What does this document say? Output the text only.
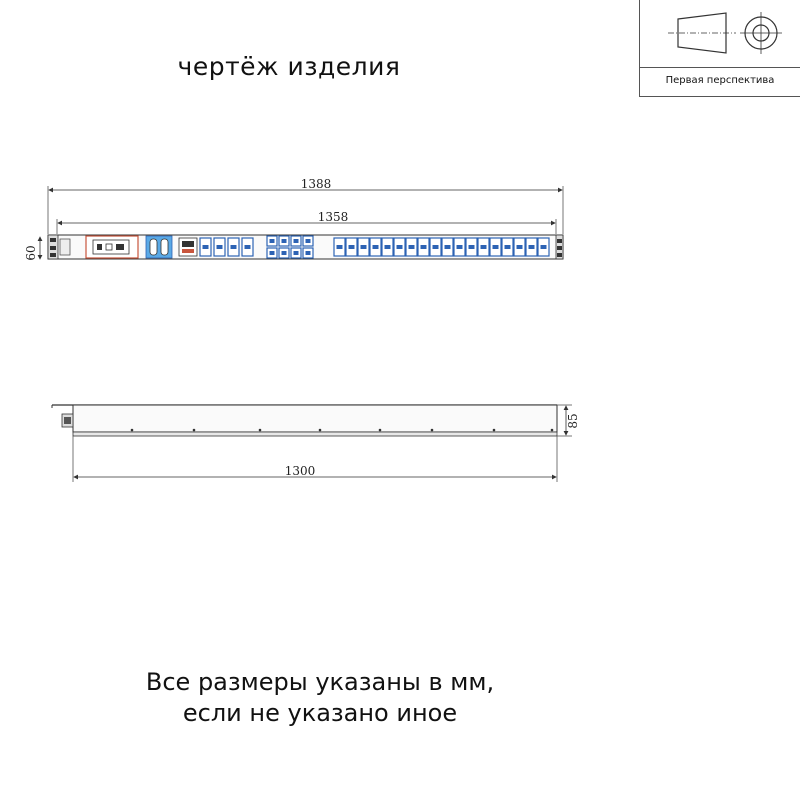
чертёж изделия	Первая перспектива
1388
1358
60
85
1300
Все размеры указаны в мм,
если не указано иное
